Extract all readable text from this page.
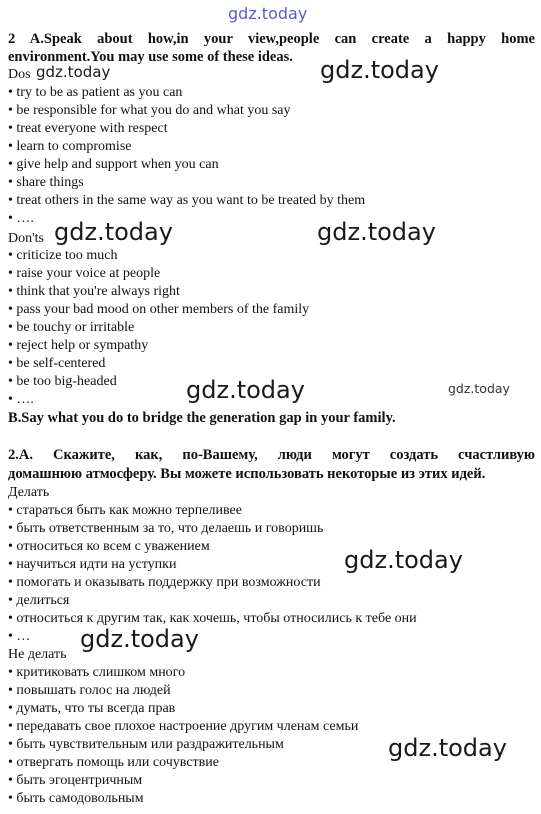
2 A.Speak about how,in your view,people can create a happy home
environment.You may use some of these ideas.
Dos
• try to be as patient as you can
• be responsible for what you do and what you say
• treat everyone with respect
• learn to compromise
• give help and support when you can
• share things
• treat others in the same way as you want to be treated by them
• ….
Don'ts
• criticize too much
• raise your voice at people
• think that you're always right
• pass your bad mood on other members of the family
• be touchy or irritable
• reject help or sympathy
• be self-centered
• be too big-headed
• ….
B.Say what you do to bridge the generation gap in your family.
2.A. Скажите, как, по-Вашему, люди могут создать счастливую
домашнюю атмосферу. Вы можете использовать некоторые из этих идей.
Делать
• стараться быть как можно терпеливее
• быть ответственным за то, что делаешь и говоришь
• относиться ко всем с уважением
• научиться идти на уступки
• помогать и оказывать поддержку при возможности
• делиться
• относиться к другим так, как хочешь, чтобы относились к тебе они
• …
Не делать
• критиковать слишком много
• повышать голос на людей
• думать, что ты всегда прав
• передавать свое плохое настроение другим членам семьи
• быть чувствительным или раздражительным
• отвергать помощь или сочувствие
• быть эгоцентричным
• быть самодовольным
gdz.today
gdz.today	gdz.today
gdz.today	gdz.today
gdz.today	gdz.today
gdz.today
gdz.today
gdz.today
